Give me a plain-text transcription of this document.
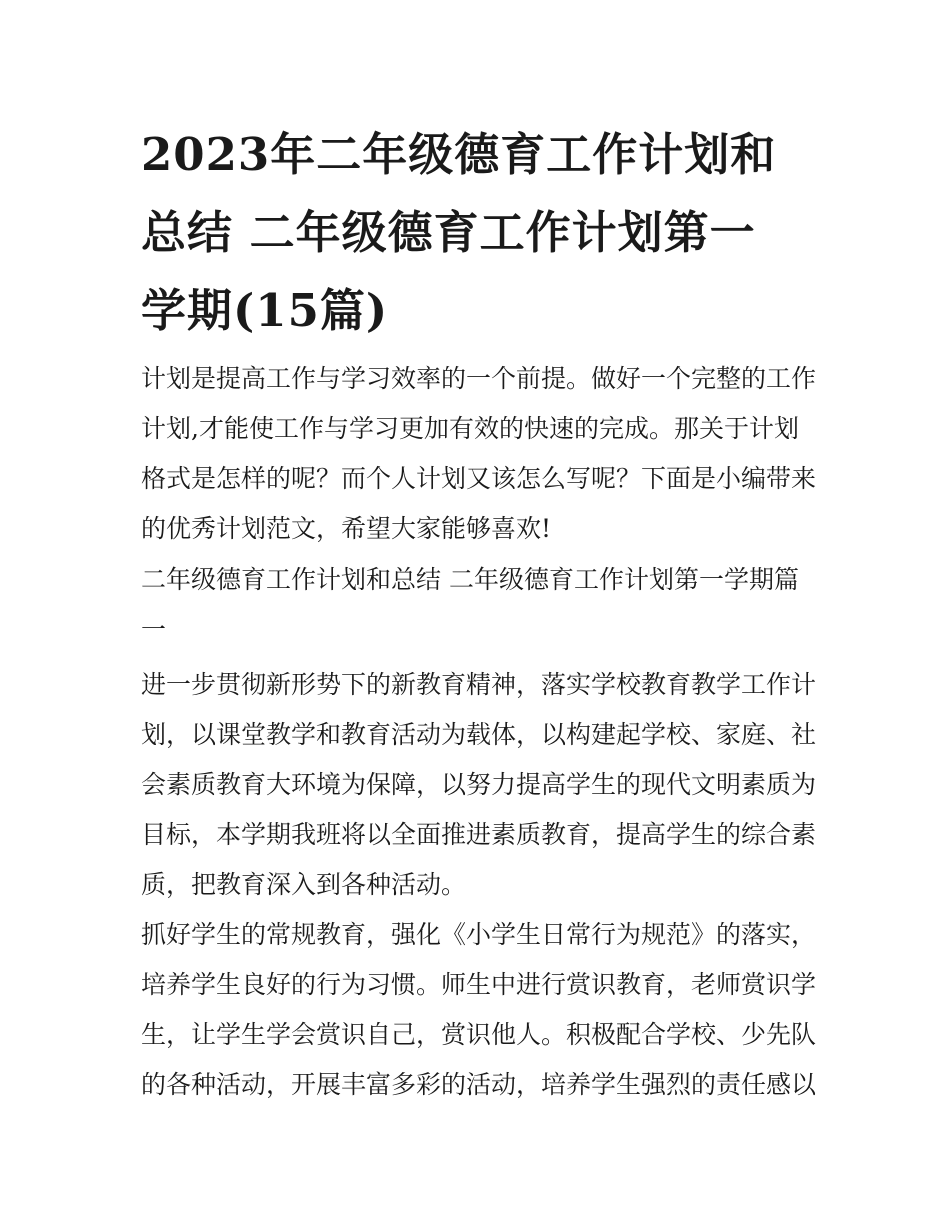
2023年二年级德育工作计划和
总结 二年级德育工作计划第一
学期(15篇)

计划是提高工作与学习效率的一个前提。做好一个完整的工作
计划,才能使工作与学习更加有效的快速的完成。那关于计划
格式是怎样的呢？而个人计划又该怎么写呢？下面是小编带来
的优秀计划范文，希望大家能够喜欢!

二年级德育工作计划和总结 二年级德育工作计划第一学期篇
一

进一步贯彻新形势下的新教育精神，落实学校教育教学工作计
划，以课堂教学和教育活动为载体，以构建起学校、家庭、社
会素质教育大环境为保障，以努力提高学生的现代文明素质为
目标，本学期我班将以全面推进素质教育，提高学生的综合素
质，把教育深入到各种活动。

抓好学生的常规教育，强化《小学生日常行为规范》的落实，
培养学生良好的行为习惯。师生中进行赏识教育，老师赏识学
生，让学生学会赏识自己，赏识他人。积极配合学校、少先队
的各种活动，开展丰富多彩的活动，培养学生强烈的责任感以
